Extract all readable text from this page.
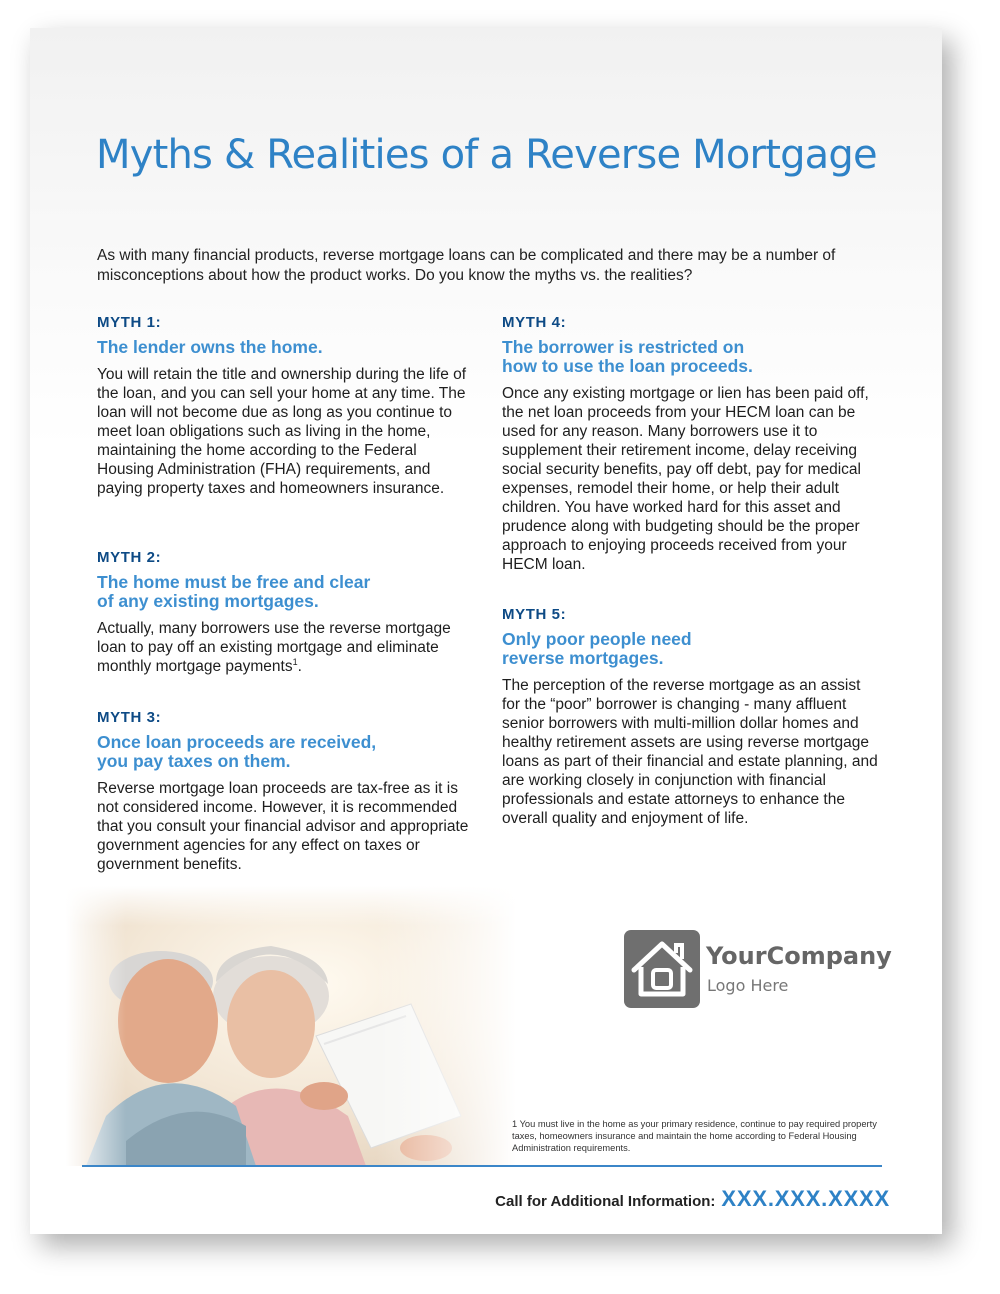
Myths & Realities of a Reverse Mortgage

As with many financial products, reverse mortgage loans can be complicated and there may be a number of misconceptions about how the product works. Do you know the myths vs. the realities?

MYTH 1:

The lender owns the home.

You will retain the title and ownership during the life of the loan, and you can sell your home at any time. The loan will not become due as long as you continue to meet loan obligations such as living in the home, maintaining the home according to the Federal Housing Administration (FHA) requirements, and paying property taxes and homeowners insurance.

MYTH 2:

The home must be free and clear
of any existing mortgages.

Actually, many borrowers use the reverse mortgage loan to pay off an existing mortgage and eliminate monthly mortgage payments$^1$.

MYTH 3:

Once loan proceeds are received,
you pay taxes on them.

Reverse mortgage loan proceeds are tax-free as it is not considered income. However, it is recommended that you consult your financial advisor and appropriate government agencies for any effect on taxes or government benefits.

MYTH 4:

The borrower is restricted on
how to use the loan proceeds.

Once any existing mortgage or lien has been paid off, the net loan proceeds from your HECM loan can be used for any reason. Many borrowers use it to supplement their retirement income, delay receiving social security benefits, pay off debt, pay for medical expenses, remodel their home, or help their adult children. You have worked hard for this asset and prudence along with budgeting should be the proper approach to enjoying proceeds received from your HECM loan.

MYTH 5:

Only poor people need
reverse mortgages.

The perception of the reverse mortgage as an assist for the “poor” borrower is changing - many affluent senior borrowers with multi-million dollar homes and healthy retirement assets are using reverse mortgage loans as part of their financial and estate planning, and are working closely in conjunction with financial professionals and estate attorneys to enhance the overall quality and enjoyment of life.

YourCompany
Logo Here

1 You must live in the home as your primary residence, continue to pay required property taxes, homeowners insurance and maintain the home according to Federal Housing Administration requirements.

Call for Additional Information: XXX.XXX.XXXX
